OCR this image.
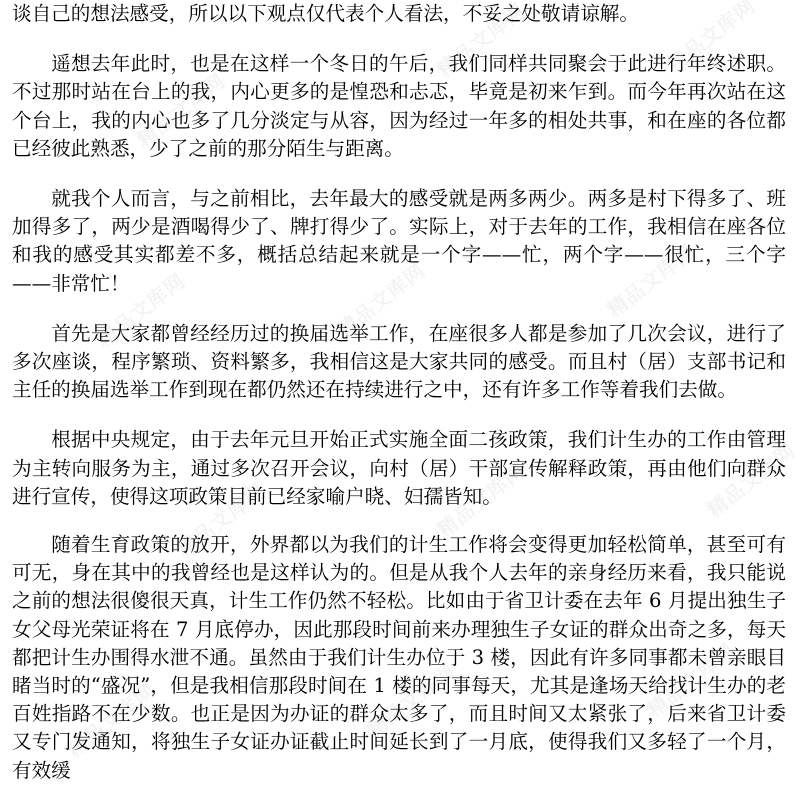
谈自己的想法感受，所以以下观点仅代表个人看法，不妥之处敬请谅解。

遥想去年此时，也是在这样一个冬日的午后，我们同样共同聚会于此进行年终述职。不过那时站在台上的我，内心更多的是惶恐和忐忑，毕竟是初来乍到。而今年再次站在这个台上，我的内心也多了几分淡定与从容，因为经过一年多的相处共事，和在座的各位都已经彼此熟悉，少了之前的那分陌生与距离。

就我个人而言，与之前相比，去年最大的感受就是两多两少。两多是村下得多了、班加得多了，两少是酒喝得少了、牌打得少了。实际上，对于去年的工作，我相信在座各位和我的感受其实都差不多，概括总结起来就是一个字——忙，两个字——很忙，三个字——非常忙！

首先是大家都曾经经历过的换届选举工作，在座很多人都是参加了几次会议，进行了多次座谈，程序繁琐、资料繁多，我相信这是大家共同的感受。而且村（居）支部书记和主任的换届选举工作到现在都仍然还在持续进行之中，还有许多工作等着我们去做。

根据中央规定，由于去年元旦开始正式实施全面二孩政策，我们计生办的工作由管理为主转向服务为主，通过多次召开会议，向村（居）干部宣传解释政策，再由他们向群众进行宣传，使得这项政策目前已经家喻户晓、妇孺皆知。

随着生育政策的放开，外界都以为我们的计生工作将会变得更加轻松简单，甚至可有可无，身在其中的我曾经也是这样认为的。但是从我个人去年的亲身经历来看，我只能说之前的想法很傻很天真，计生工作仍然不轻松。比如由于省卫计委在去年 6 月提出独生子女父母光荣证将在 7 月底停办，因此那段时间前来办理独生子女证的群众出奇之多，每天都把计生办围得水泄不通。虽然由于我们计生办位于 3 楼，因此有许多同事都未曾亲眼目睹当时的“盛况”，但是我相信那段时间在 1 楼的同事每天，尤其是逢场天给找计生办的老百姓指路不在少数。也正是因为办证的群众太多了，而且时间又太紧张了，后来省卫计委又专门发通知，将独生子女证办证截止时间延长到了一月底，使得我们又多轻了一个月，有效缓
